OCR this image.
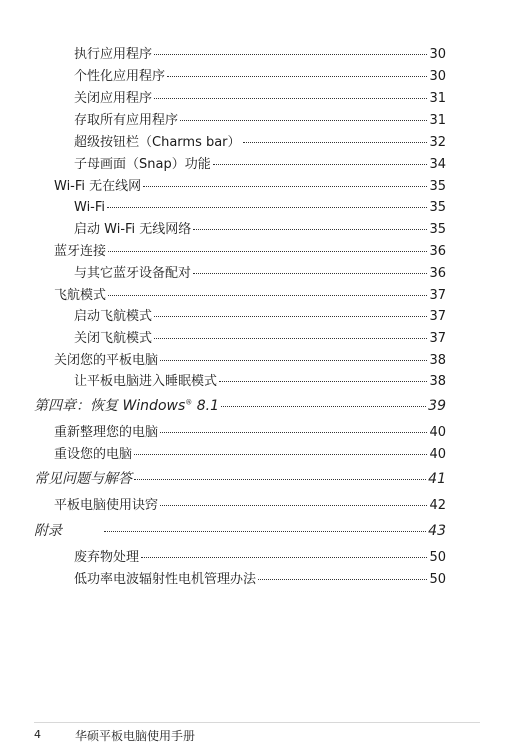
执行应用程序	30
个性化应用程序	30
关闭应用程序	31
存取所有应用程序	31
超级按钮栏（Charms bar）	32
子母画面（Snap）功能	34
Wi-Fi 无在线网	35
Wi-Fi	35
启动 Wi-Fi 无线网络	35
蓝牙连接	36
与其它蓝牙设备配对	36
飞航模式	37
启动飞航模式	37
关闭飞航模式	37
关闭您的平板电脑	38
让平板电脑进入睡眠模式	38
第四章：恢复 Windows® 8.1	39
重新整理您的电脑	40
重设您的电脑	40
常见问题与解答	41
平板电脑使用诀窍	42
附录	43
废弃物处理	50
低功率电波辐射性电机管理办法	50
4	华硕平板电脑使用手册
